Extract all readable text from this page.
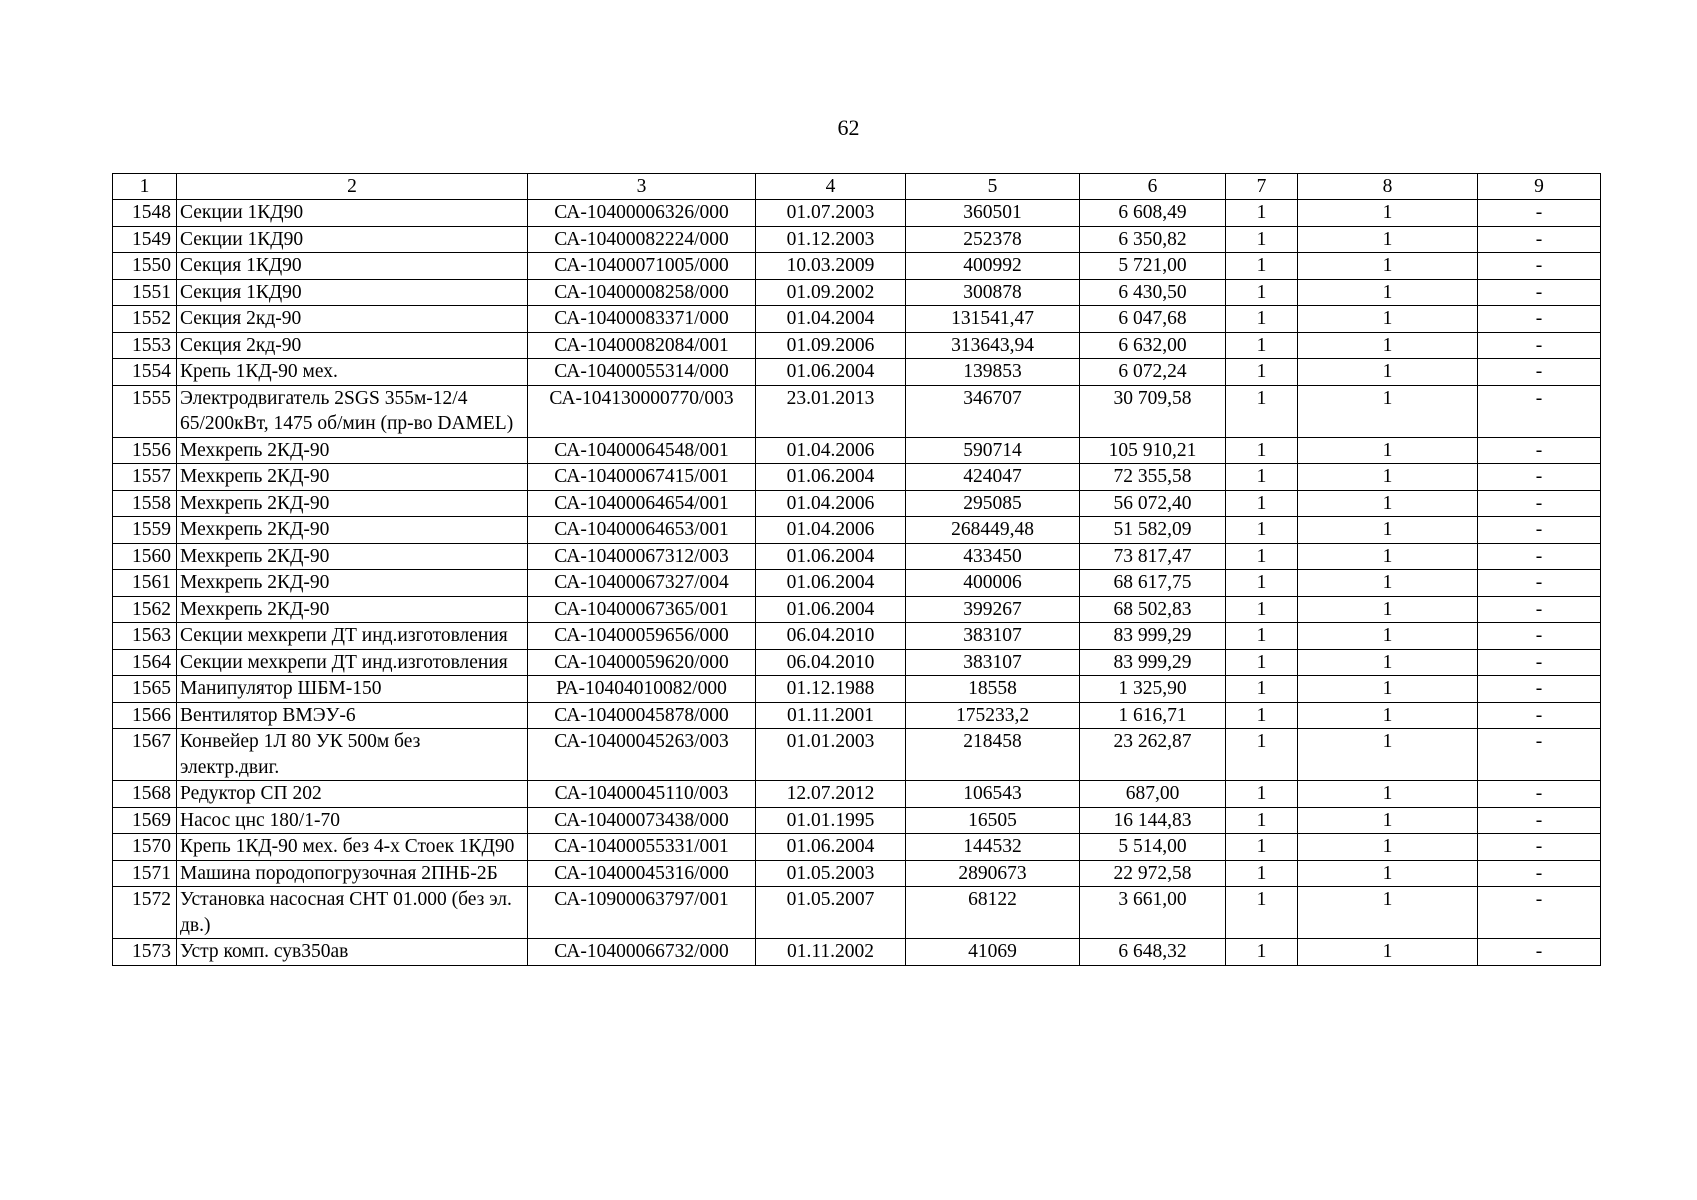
62
1	2	3	4	5	6	7	8	9
1548	Секции 1КД90	СА-10400006326/000	01.07.2003	360501	6 608,49	1	1	-
1549	Секции 1КД90	СА-10400082224/000	01.12.2003	252378	6 350,82	1	1	-
1550	Секция 1КД90	СА-10400071005/000	10.03.2009	400992	5 721,00	1	1	-
1551	Секция 1КД90	СА-10400008258/000	01.09.2002	300878	6 430,50	1	1	-
1552	Секция 2кд-90	СА-10400083371/000	01.04.2004	131541,47	6 047,68	1	1	-
1553	Секция 2кд-90	СА-10400082084/001	01.09.2006	313643,94	6 632,00	1	1	-
1554	Крепь 1КД-90 мех.	СА-10400055314/000	01.06.2004	139853	6 072,24	1	1	-
1555	Электродвигатель 2SGS 355м-12/4 65/200кВт, 1475 об/мин (пр-во DAMEL)	СА-104130000770/003	23.01.2013	346707	30 709,58	1	1	-
1556	Мехкрепь 2КД-90	СА-10400064548/001	01.04.2006	590714	105 910,21	1	1	-
1557	Мехкрепь 2КД-90	СА-10400067415/001	01.06.2004	424047	72 355,58	1	1	-
1558	Мехкрепь 2КД-90	СА-10400064654/001	01.04.2006	295085	56 072,40	1	1	-
1559	Мехкрепь 2КД-90	СА-10400064653/001	01.04.2006	268449,48	51 582,09	1	1	-
1560	Мехкрепь 2КД-90	СА-10400067312/003	01.06.2004	433450	73 817,47	1	1	-
1561	Мехкрепь 2КД-90	СА-10400067327/004	01.06.2004	400006	68 617,75	1	1	-
1562	Мехкрепь 2КД-90	СА-10400067365/001	01.06.2004	399267	68 502,83	1	1	-
1563	Секции мехкрепи ДТ инд.изготовления	СА-10400059656/000	06.04.2010	383107	83 999,29	1	1	-
1564	Секции мехкрепи ДТ инд.изготовления	СА-10400059620/000	06.04.2010	383107	83 999,29	1	1	-
1565	Манипулятор ШБМ-150	РА-10404010082/000	01.12.1988	18558	1 325,90	1	1	-
1566	Вентилятор ВМЭУ-6	СА-10400045878/000	01.11.2001	175233,2	1 616,71	1	1	-
1567	Конвейер 1Л 80 УК 500м без электр.двиг.	СА-10400045263/003	01.01.2003	218458	23 262,87	1	1	-
1568	Редуктор СП 202	СА-10400045110/003	12.07.2012	106543	687,00	1	1	-
1569	Насос цнс 180/1-70	СА-10400073438/000	01.01.1995	16505	16 144,83	1	1	-
1570	Крепь 1КД-90 мех. без 4-х Стоек 1КД90	СА-10400055331/001	01.06.2004	144532	5 514,00	1	1	-
1571	Машина породопогрузочная 2ПНБ-2Б	СА-10400045316/000	01.05.2003	2890673	22 972,58	1	1	-
1572	Установка насосная СНТ 01.000 (без эл. дв.)	СА-10900063797/001	01.05.2007	68122	3 661,00	1	1	-
1573	Устр комп. сув350ав	СА-10400066732/000	01.11.2002	41069	6 648,32	1	1	-
